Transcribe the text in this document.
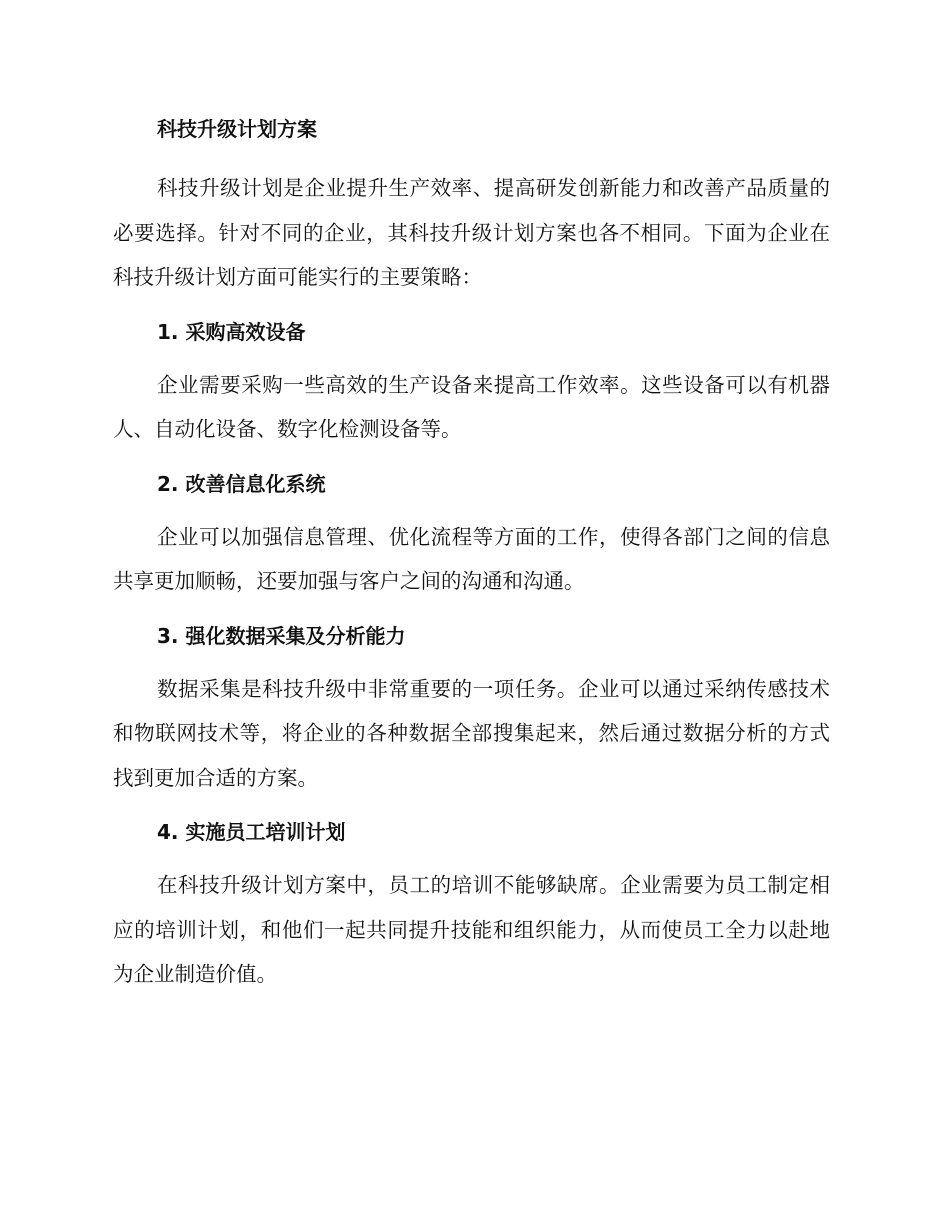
科技升级计划方案

科技升级计划是企业提升生产效率、提高研发创新能力和改善产品质量的必要选择。针对不同的企业，其科技升级计划方案也各不相同。下面为企业在科技升级计划方面可能实行的主要策略：

1. 采购高效设备

企业需要采购一些高效的生产设备来提高工作效率。这些设备可以有机器人、自动化设备、数字化检测设备等。

2. 改善信息化系统

企业可以加强信息管理、优化流程等方面的工作，使得各部门之间的信息共享更加顺畅，还要加强与客户之间的沟通和沟通。

3. 强化数据采集及分析能力

数据采集是科技升级中非常重要的一项任务。企业可以通过采纳传感技术和物联网技术等，将企业的各种数据全部搜集起来，然后通过数据分析的方式找到更加合适的方案。

4. 实施员工培训计划

在科技升级计划方案中，员工的培训不能够缺席。企业需要为员工制定相应的培训计划，和他们一起共同提升技能和组织能力，从而使员工全力以赴地为企业制造价值。
